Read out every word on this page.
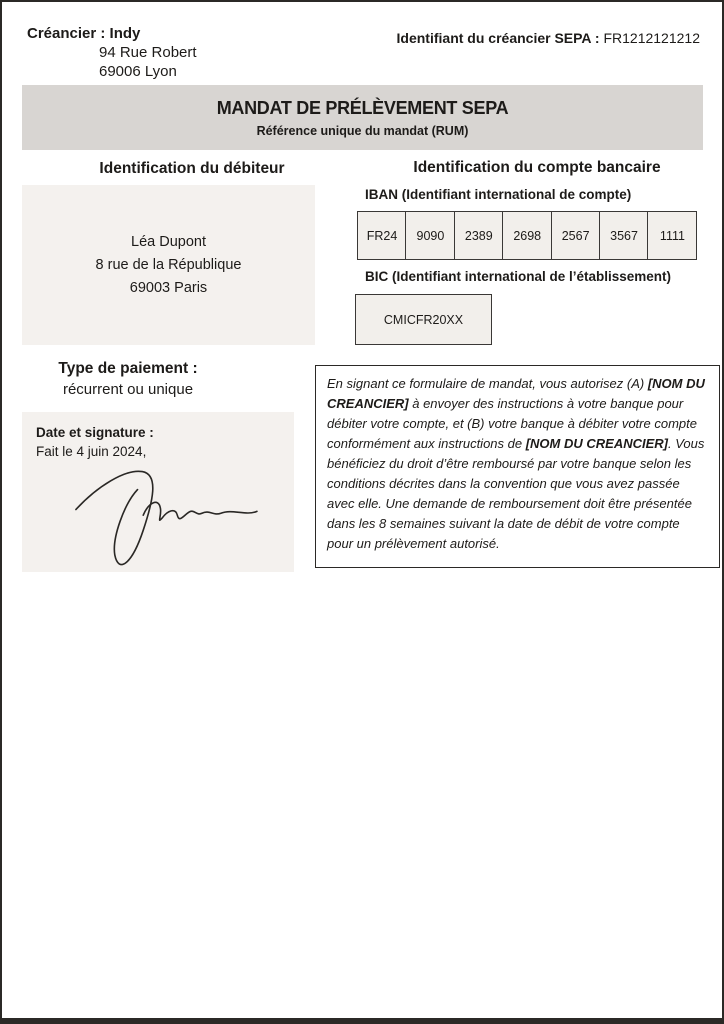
Créancier : Indy
94 Rue Robert
69006 Lyon
Identifiant du créancier SEPA : FR1212121212
MANDAT DE PRÉLÈVEMENT SEPA
Référence unique du mandat (RUM)
Identification du débiteur
Léa Dupont
8 rue de la République
69003 Paris
Identification du compte bancaire
IBAN (Identifiant international de compte)
FR24	9090	2389	2698	2567	3567	1111
BIC (Identifiant international de l’établissement)
CMICFR20XX
Type de paiement :
récurrent ou unique
Date et signature :
Fait le 4 juin 2024,
En signant ce formulaire de mandat, vous autorisez (A) [NOM DU CREANCIER] à envoyer des instructions à votre banque pour débiter votre compte, et (B) votre banque à débiter votre compte conformément aux instructions de [NOM DU CREANCIER]. Vous bénéficiez du droit d’être remboursé par votre banque selon les conditions décrites dans la convention que vous avez passée avec elle. Une demande de remboursement doit être présentée dans les 8 semaines suivant la date de débit de votre compte pour un prélèvement autorisé.
